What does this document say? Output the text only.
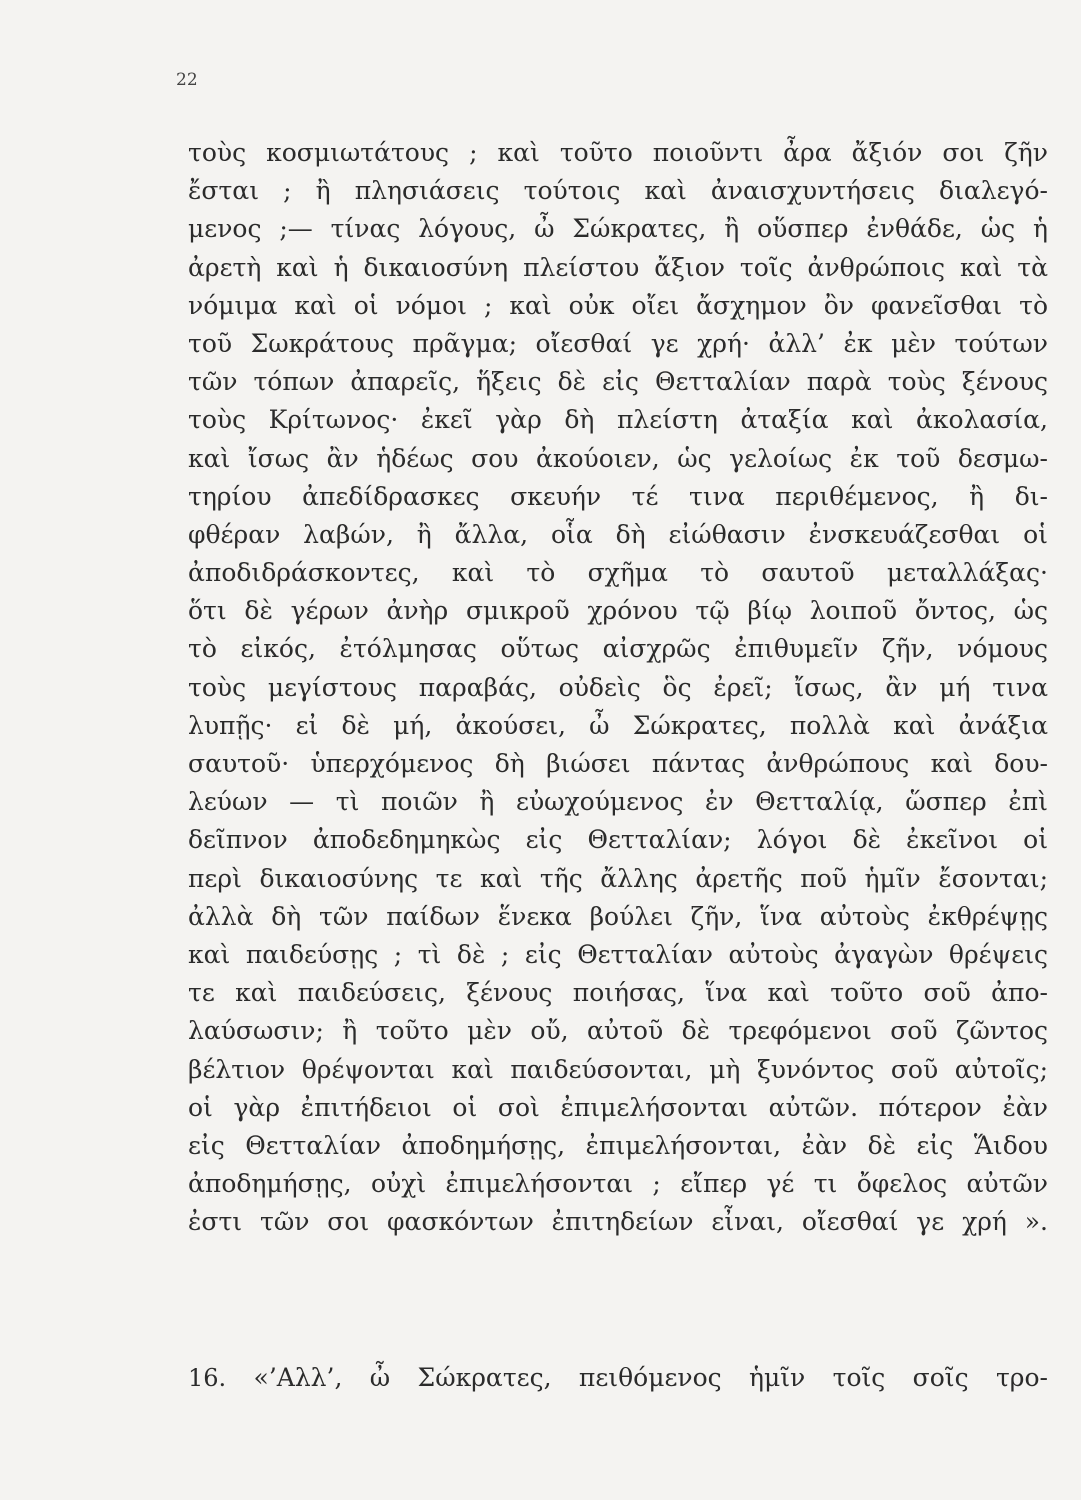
22
τοὺς κοσμιωτάτους ; καὶ τοῦτο ποιοῦντι ἆρα ἄξιόν σοι ζῆν
ἔσται ; ἢ πλησιάσεις τούτοις καὶ ἀναισχυντήσεις διαλεγό-
μενος ;— τίνας λόγους, ὦ Σώκρατες, ἢ οὕσπερ ἐνθάδε, ὡς ἡ
ἀρετὴ καὶ ἡ δικαιοσύνη πλείστου ἄξιον τοῖς ἀνθρώποις καὶ τὰ
νόμιμα καὶ οἱ νόμοι ; καὶ οὐκ οἴει ἄσχημον ὂν φανεῖσθαι τὸ
τοῦ Σωκράτους πρᾶγμα; οἴεσθαί γε χρή· ἀλλ’ ἐκ μὲν τούτων
τῶν τόπων ἀπαρεῖς, ἥξεις δὲ εἰς Θετταλίαν παρὰ τοὺς ξένους
τοὺς Κρίτωνος· ἐκεῖ γὰρ δὴ πλείστη ἀταξία καὶ ἀκολασία,
καὶ ἴσως ἂν ἡδέως σου ἀκούοιεν, ὡς γελοίως ἐκ τοῦ δεσμω-
τηρίου ἀπεδίδρασκες σκευήν τέ τινα περιθέμενος, ἢ δι-
φθέραν λαβών, ἢ ἄλλα, οἷα δὴ εἰώθασιν ἐνσκευάζεσθαι οἱ
ἀποδιδράσκοντες, καὶ τὸ σχῆμα τὸ σαυτοῦ μεταλλάξας·
ὅτι δὲ γέρων ἀνὴρ σμικροῦ χρόνου τῷ βίῳ λοιποῦ ὄντος, ὡς
τὸ εἰκός, ἐτόλμησας οὕτως αἰσχρῶς ἐπιθυμεῖν ζῆν, νόμους
τοὺς μεγίστους παραβάς, οὐδεὶς ὃς ἐρεῖ; ἴσως, ἂν μή τινα
λυπῇς· εἰ δὲ μή, ἀκούσει, ὦ Σώκρατες, πολλὰ καὶ ἀνάξια
σαυτοῦ· ὑπερχόμενος δὴ βιώσει πάντας ἀνθρώπους καὶ δου-
λεύων — τὶ ποιῶν ἢ εὐωχούμενος ἐν Θετταλίᾳ, ὥσπερ ἐπὶ
δεῖπνον ἀποδεδημηκὼς εἰς Θετταλίαν; λόγοι δὲ ἐκεῖνοι οἱ
περὶ δικαιοσύνης τε καὶ τῆς ἄλλης ἀρετῆς ποῦ ἡμῖν ἔσονται;
ἀλλὰ δὴ τῶν παίδων ἕνεκα βούλει ζῆν, ἵνα αὐτοὺς ἐκθρέψῃς
καὶ παιδεύσῃς ; τὶ δὲ ; εἰς Θετταλίαν αὐτοὺς ἀγαγὼν θρέψεις
τε καὶ παιδεύσεις, ξένους ποιήσας, ἵνα καὶ τοῦτο σοῦ ἀπο-
λαύσωσιν; ἢ τοῦτο μὲν οὔ, αὐτοῦ δὲ τρεφόμενοι σοῦ ζῶντος
βέλτιον θρέψονται καὶ παιδεύσονται, μὴ ξυνόντος σοῦ αὐτοῖς;
οἱ γὰρ ἐπιτήδειοι οἱ σοὶ ἐπιμελήσονται αὐτῶν. πότερον ἐὰν
εἰς Θετταλίαν ἀποδημήσῃς, ἐπιμελήσονται, ἐὰν δὲ εἰς Ἅιδου
ἀποδημήσῃς, οὐχὶ ἐπιμελήσονται ; εἴπερ γέ τι ὄφελος αὐτῶν
ἐστι τῶν σοι φασκόντων ἐπιτηδείων εἶναι, οἴεσθαί γε χρή ».
16. «’Αλλ’, ὦ Σώκρατες, πειθόμενος ἡμῖν τοῖς σοῖς τρο-
